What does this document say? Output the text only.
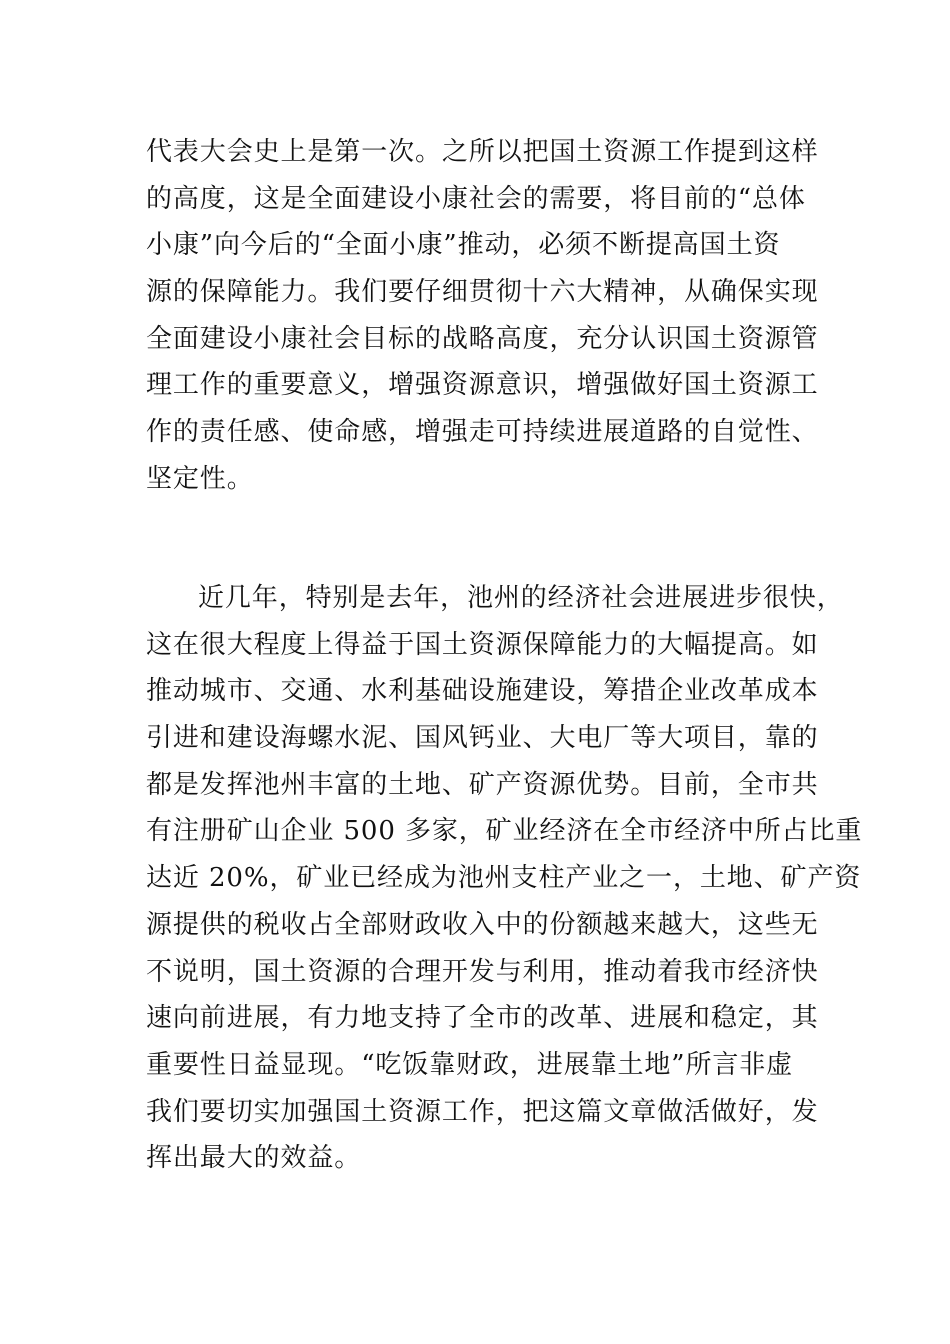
代表大会史上是第一次。之所以把国土资源工作提到这样
的高度，这是全面建设小康社会的需要，将目前的“总体
小康”向今后的“全面小康”推动，必须不断提高国土资
源的保障能力。我们要仔细贯彻十六大精神，从确保实现
全面建设小康社会目标的战略高度，充分认识国土资源管
理工作的重要意义，增强资源意识，增强做好国土资源工
作的责任感、使命感，增强走可持续进展道路的自觉性、
坚定性。
近几年，特别是去年，池州的经济社会进展进步很快，
这在很大程度上得益于国土资源保障能力的大幅提高。如
推动城市、交通、水利基础设施建设，筹措企业改革成本
引进和建设海螺水泥、国风钙业、大电厂等大项目，靠的
都是发挥池州丰富的土地、矿产资源优势。目前，全市共
有注册矿山企业 500 多家，矿业经济在全市经济中所占比重
达近 20%，矿业已经成为池州支柱产业之一，土地、矿产资
源提供的税收占全部财政收入中的份额越来越大，这些无
不说明，国土资源的合理开发与利用，推动着我市经济快
速向前进展，有力地支持了全市的改革、进展和稳定，其
重要性日益显现。“吃饭靠财政，进展靠土地”所言非虚
我们要切实加强国土资源工作，把这篇文章做活做好，发
挥出最大的效益。
